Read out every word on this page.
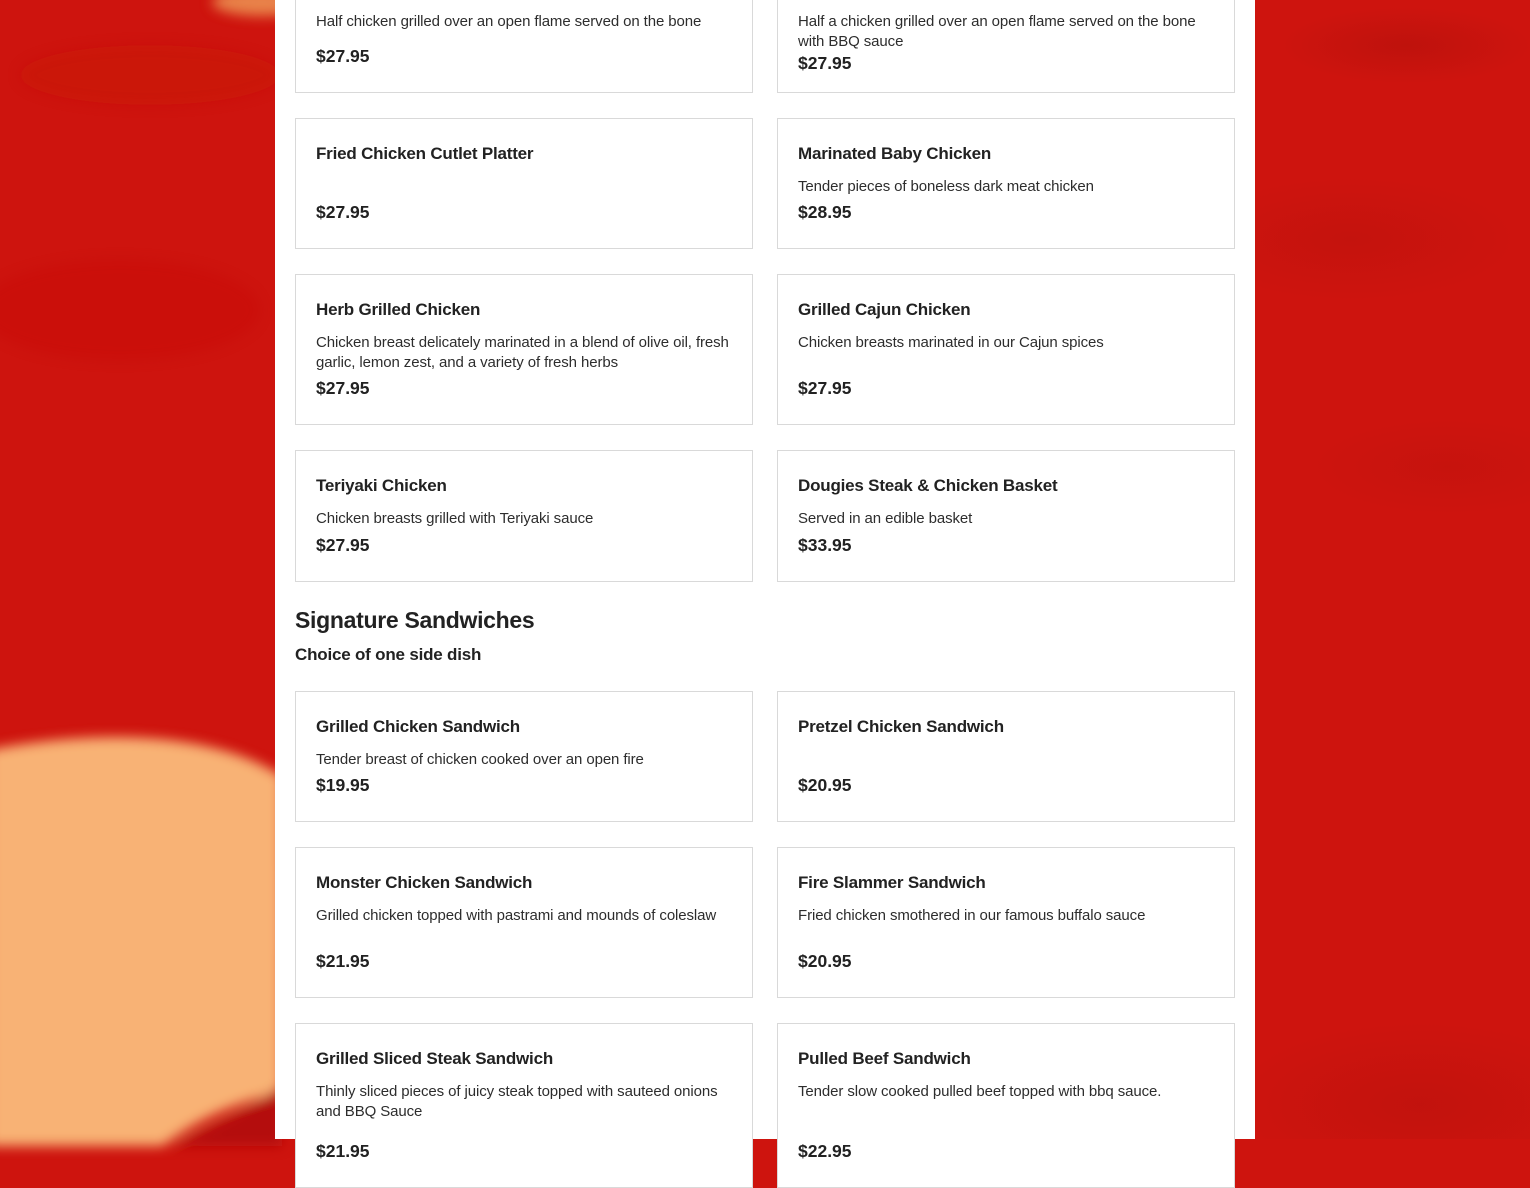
Half chicken grilled over an open flame served on the bone
$27.95
Half a chicken grilled over an open flame served on the bone with BBQ sauce
$27.95
Fried Chicken Cutlet Platter
$27.95
Marinated Baby Chicken
Tender pieces of boneless dark meat chicken
$28.95
Herb Grilled Chicken
Chicken breast delicately marinated in a blend of olive oil, fresh garlic, lemon zest, and a variety of fresh herbs
$27.95
Grilled Cajun Chicken
Chicken breasts marinated in our Cajun spices
$27.95
Teriyaki Chicken
Chicken breasts grilled with Teriyaki sauce
$27.95
Dougies Steak & Chicken Basket
Served in an edible basket
$33.95
Signature Sandwiches

Choice of one side dish

Grilled Chicken Sandwich
Tender breast of chicken cooked over an open fire
$19.95
Pretzel Chicken Sandwich
$20.95
Monster Chicken Sandwich
Grilled chicken topped with pastrami and mounds of coleslaw
$21.95
Fire Slammer Sandwich
Fried chicken smothered in our famous buffalo sauce
$20.95
Grilled Sliced Steak Sandwich
Thinly sliced pieces of juicy steak topped with sauteed onions and BBQ Sauce
$21.95
Pulled Beef Sandwich
Tender slow cooked pulled beef topped with bbq sauce.
$22.95
